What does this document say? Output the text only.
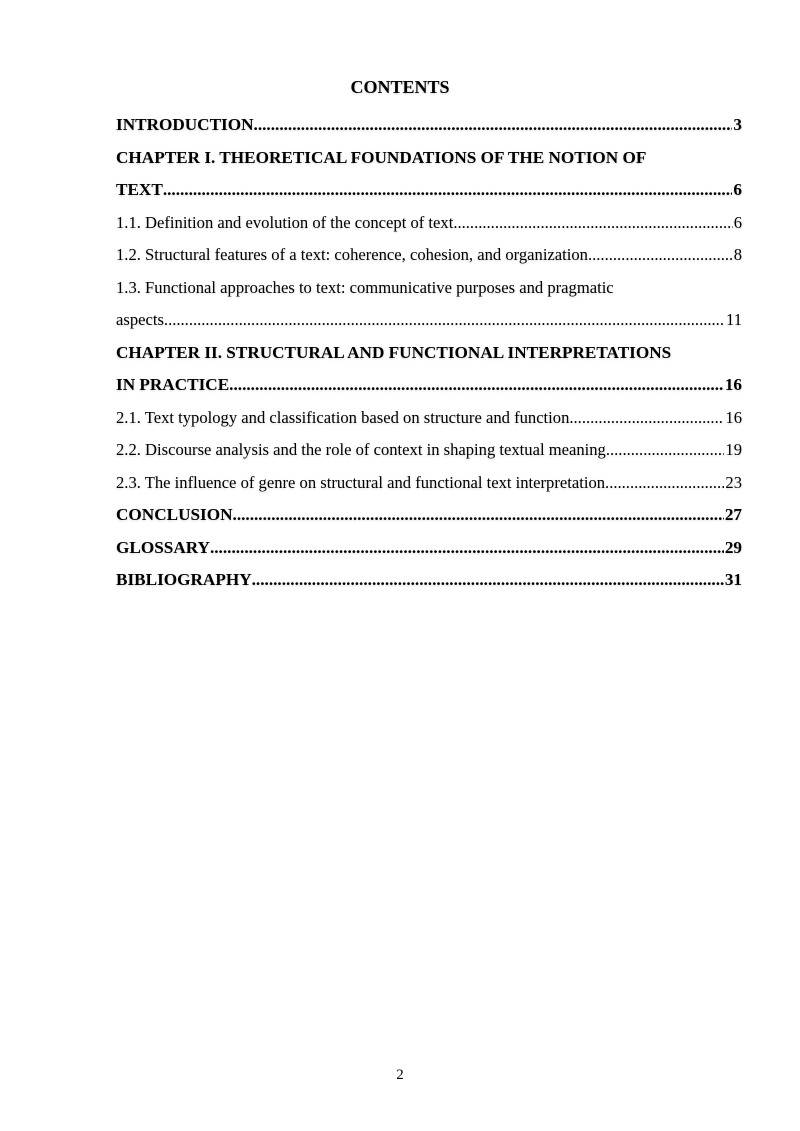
CONTENTS
INTRODUCTION .....	3
CHAPTER I. THEORETICAL FOUNDATIONS OF THE NOTION OF
TEXT .....	6
1.1. Definition and evolution of the concept of text .....	6
1.2. Structural features of a text: coherence, cohesion, and organization .....	8
1.3. Functional approaches to text: communicative purposes and pragmatic
aspects .....	11
CHAPTER II. STRUCTURAL AND FUNCTIONAL INTERPRETATIONS
IN PRACTICE .....	16
2.1. Text typology and classification based on structure and function .....	16
2.2. Discourse analysis and the role of context in shaping textual meaning .....	19
2.3. The influence of genre on structural and functional text interpretation .....	23
CONCLUSION .....	27
GLOSSARY .....	29
BIBLIOGRAPHY .....	31
2
